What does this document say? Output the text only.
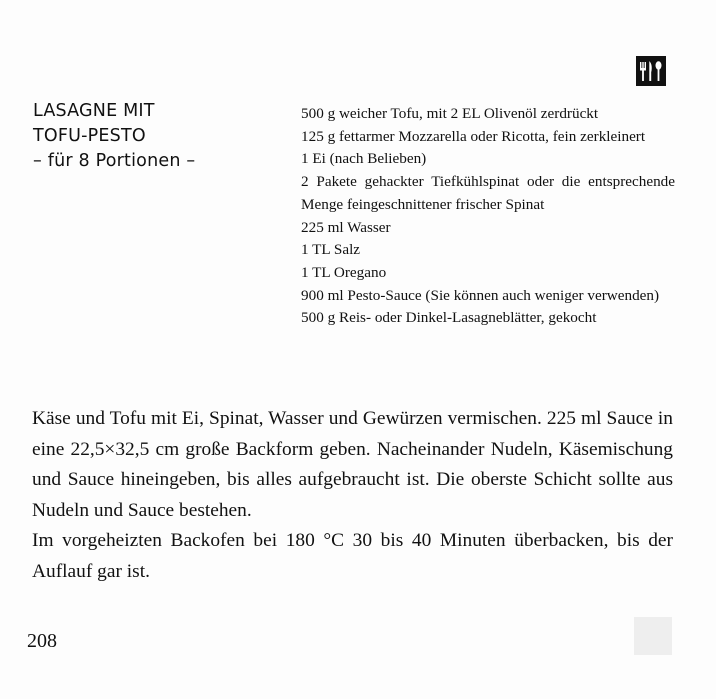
LASAGNE MIT
TOFU-PESTO
– für 8 Portionen –
500 g weicher Tofu, mit 2 EL Olivenöl zerdrückt
125 g fettarmer Mozzarella oder Ricotta, fein zerkleinert
1 Ei (nach Belieben)
2 Pakete gehackter Tiefkühlspinat oder die entsprechende Menge feingeschnittener frischer Spinat
225 ml Wasser
1 TL Salz
1 TL Oregano
900 ml Pesto-Sauce (Sie können auch weniger verwenden)
500 g Reis- oder Dinkel-Lasagneblätter, gekocht

Käse und Tofu mit Ei, Spinat, Wasser und Gewürzen vermischen. 225 ml Sauce in eine 22,5×32,5 cm große Backform geben. Nacheinander Nudeln, Käsemischung und Sauce hineingeben, bis alles aufgebraucht ist. Die oberste Schicht sollte aus Nudeln und Sauce bestehen.

Im vorgeheizten Backofen bei 180 °C 30 bis 40 Minuten überbacken, bis der Auflauf gar ist.

208
